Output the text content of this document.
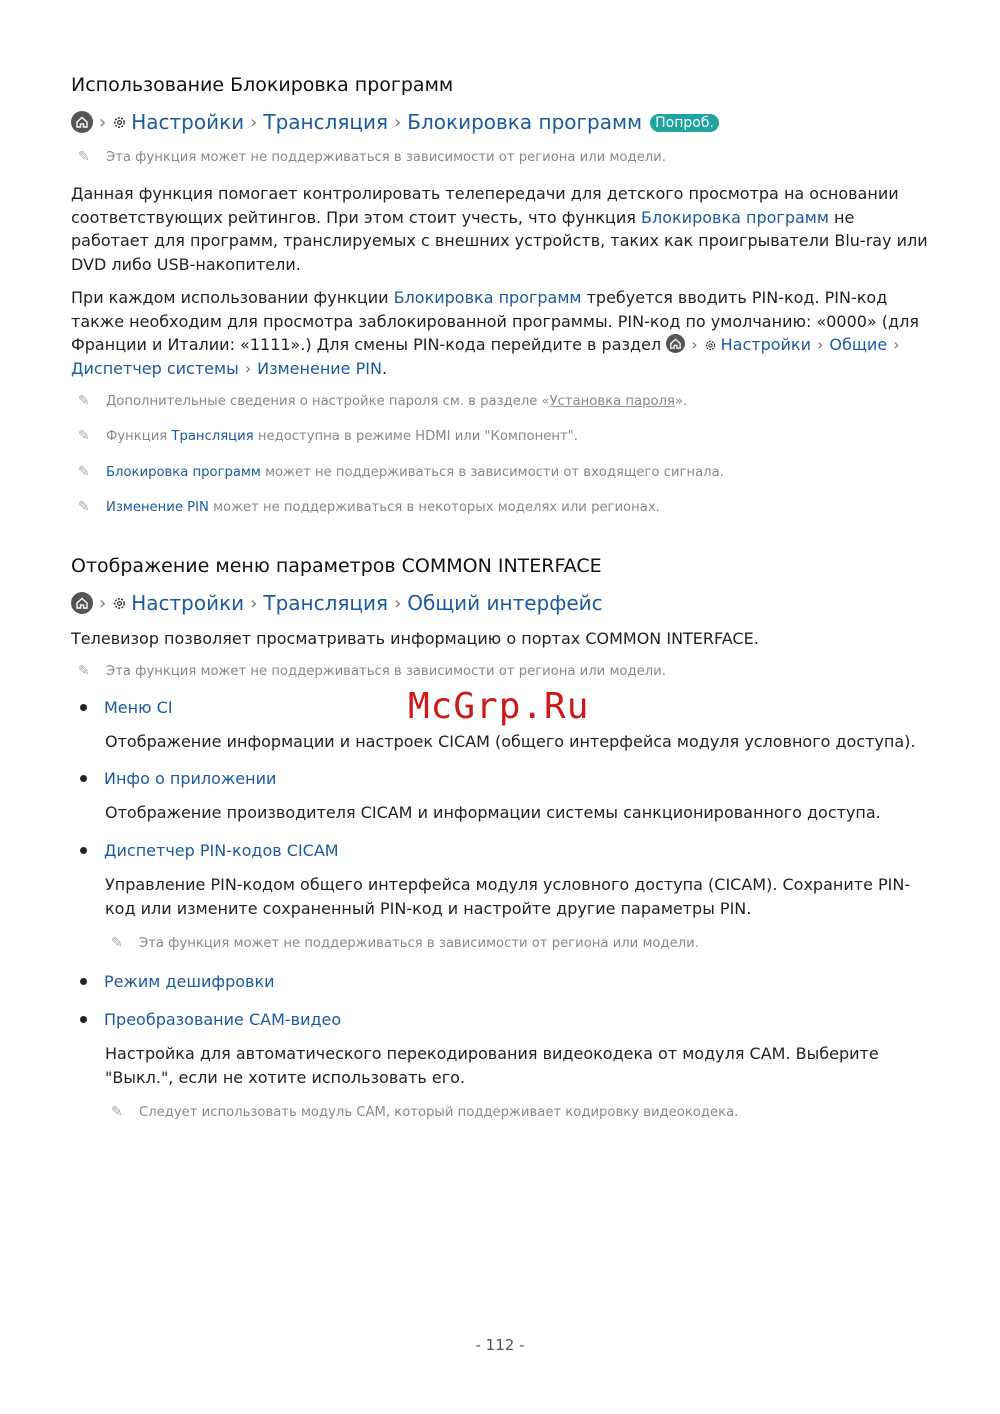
Использование Блокировка программ
› Настройки › Трансляция › Блокировка программ Попроб.
✎ Эта функция может не поддерживаться в зависимости от региона или модели.
Данная функция помогает контролировать телепередачи для детского просмотра на основании соответствующих рейтингов. При этом стоит учесть, что функция Блокировка программ не работает для программ, транслируемых с внешних устройств, таких как проигрыватели Blu-ray или DVD либо USB-накопители.
При каждом использовании функции Блокировка программ требуется вводить PIN-код. PIN-код также необходим для просмотра заблокированной программы. PIN-код по умолчанию: «0000» (для Франции и Италии: «1111».) Для смены PIN-кода перейдите в раздел
› Настройки › Общие ›Диспетчер системы › Изменение PIN.
✎ Дополнительные сведения о настройке пароля см. в разделе «Установка пароля».
✎ Функция Трансляция недоступна в режиме HDMI или "Компонент".
✎ Блокировка программ может не поддерживаться в зависимости от входящего сигнала.
✎ Изменение PIN может не поддерживаться в некоторых моделях или регионах.
Отображение меню параметров COMMON INTERFACE
› Настройки › Трансляция › Общий интерфейс
Телевизор позволяет просматривать информацию о портах COMMON INTERFACE.
✎ Эта функция может не поддерживаться в зависимости от региона или модели.
McGrp.Ru
Меню CI
Отображение информации и настроек CICAM (общего интерфейса модуля условного доступа).
Инфо о приложении
Отображение производителя CICAM и информации системы санкционированного доступа.
Диспетчер PIN-кодов CICAM
Управление PIN-кодом общего интерфейса модуля условного доступа (CICAM). Сохраните PIN-код или измените сохраненный PIN-код и настройте другие параметры PIN.
✎ Эта функция может не поддерживаться в зависимости от региона или модели.
Режим дешифровки
Преобразование CAM-видео
Настройка для автоматического перекодирования видеокодека от модуля CAM. Выберите "Выкл.", если не хотите использовать его.
✎ Следует использовать модуль CAM, который поддерживает кодировку видеокодека.
- 112 -
